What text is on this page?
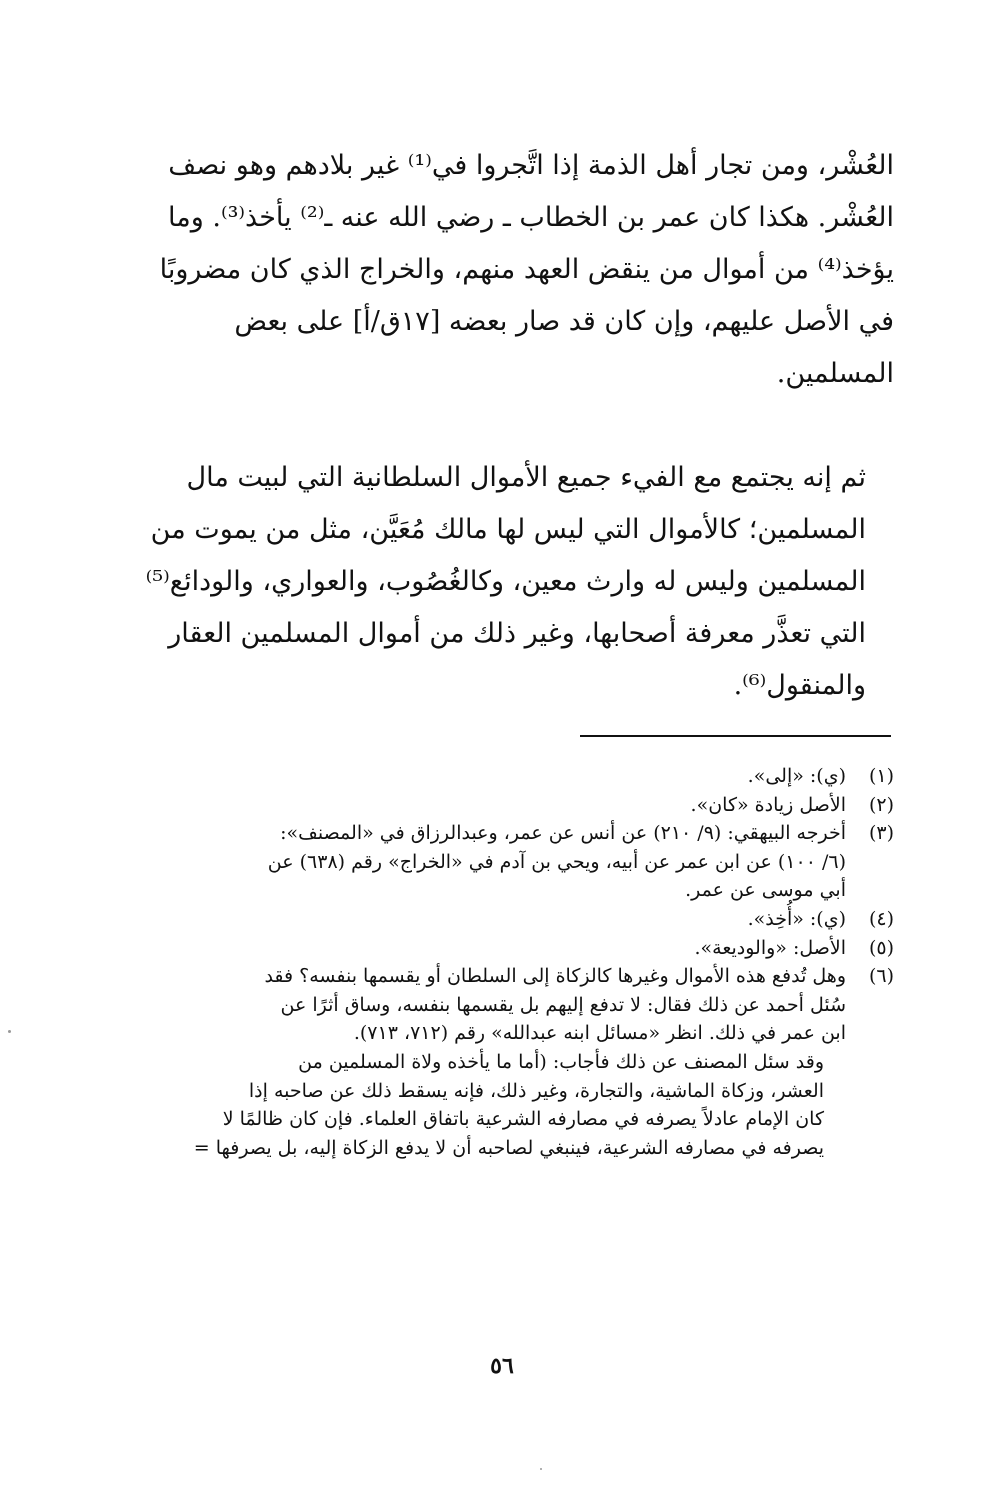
العُشْر، ومن تجار أهل الذمة إذا اتَّجروا في⁽¹⁾ غير بلادهم وهو نصف
العُشْر. هكذا كان عمر بن الخطاب ـ رضي الله عنه ـ⁽²⁾ يأخذ⁽³⁾. وما
يؤخذ⁽⁴⁾ من أموال من ينقض العهد منهم، والخراج الذي كان مضروبًا
في الأصل عليهم، وإن كان قد صار بعضه [١٧ق/أ] على بعض
المسلمين.

ثم إنه يجتمع مع الفيء جميع الأموال السلطانية التي لبيت مال
المسلمين؛ كالأموال التي ليس لها مالك مُعَيَّن، مثل من يموت من
المسلمين وليس له وارث معين، وكالغُصُوب، والعواري، والودائع⁽⁵⁾
التي تعذَّر معرفة أصحابها، وغير ذلك من أموال المسلمين العقار
والمنقول⁽⁶⁾.

(١)
(ي): «إلى».
(٢)
الأصل زيادة «كان».
(٣)
أخرجه البيهقي: (٩/ ٢١٠) عن أنس عن عمر، وعبدالرزاق في «المصنف»:
(٦/ ١٠٠) عن ابن عمر عن أبيه، ويحي بن آدم في «الخراج» رقم (٦٣٨) عن
أبي موسى عن عمر.
(٤)
(ي): «أُخِذ».
(٥)
الأصل: «والوديعة».
(٦)
وهل تُدفع هذه الأموال وغيرها كالزكاة إلى السلطان أو يقسمها بنفسه؟ فقد
سُئل أحمد عن ذلك فقال: لا تدفع إليهم بل يقسمها بنفسه، وساق أثرًا عن
ابن عمر في ذلك. انظر «مسائل ابنه عبدالله» رقم (٧١٢، ٧١٣).
وقد سئل المصنف عن ذلك فأجاب: (أما ما يأخذه ولاة المسلمين من
العشر، وزكاة الماشية، والتجارة، وغير ذلك، فإنه يسقط ذلك عن صاحبه إذا
كان الإمام عادلاً يصرفه في مصارفه الشرعية باتفاق العلماء. فإن كان ظالمًا لا
يصرفه في مصارفه الشرعية، فينبغي لصاحبه أن لا يدفع الزكاة إليه، بل يصرفها =
٥٦
